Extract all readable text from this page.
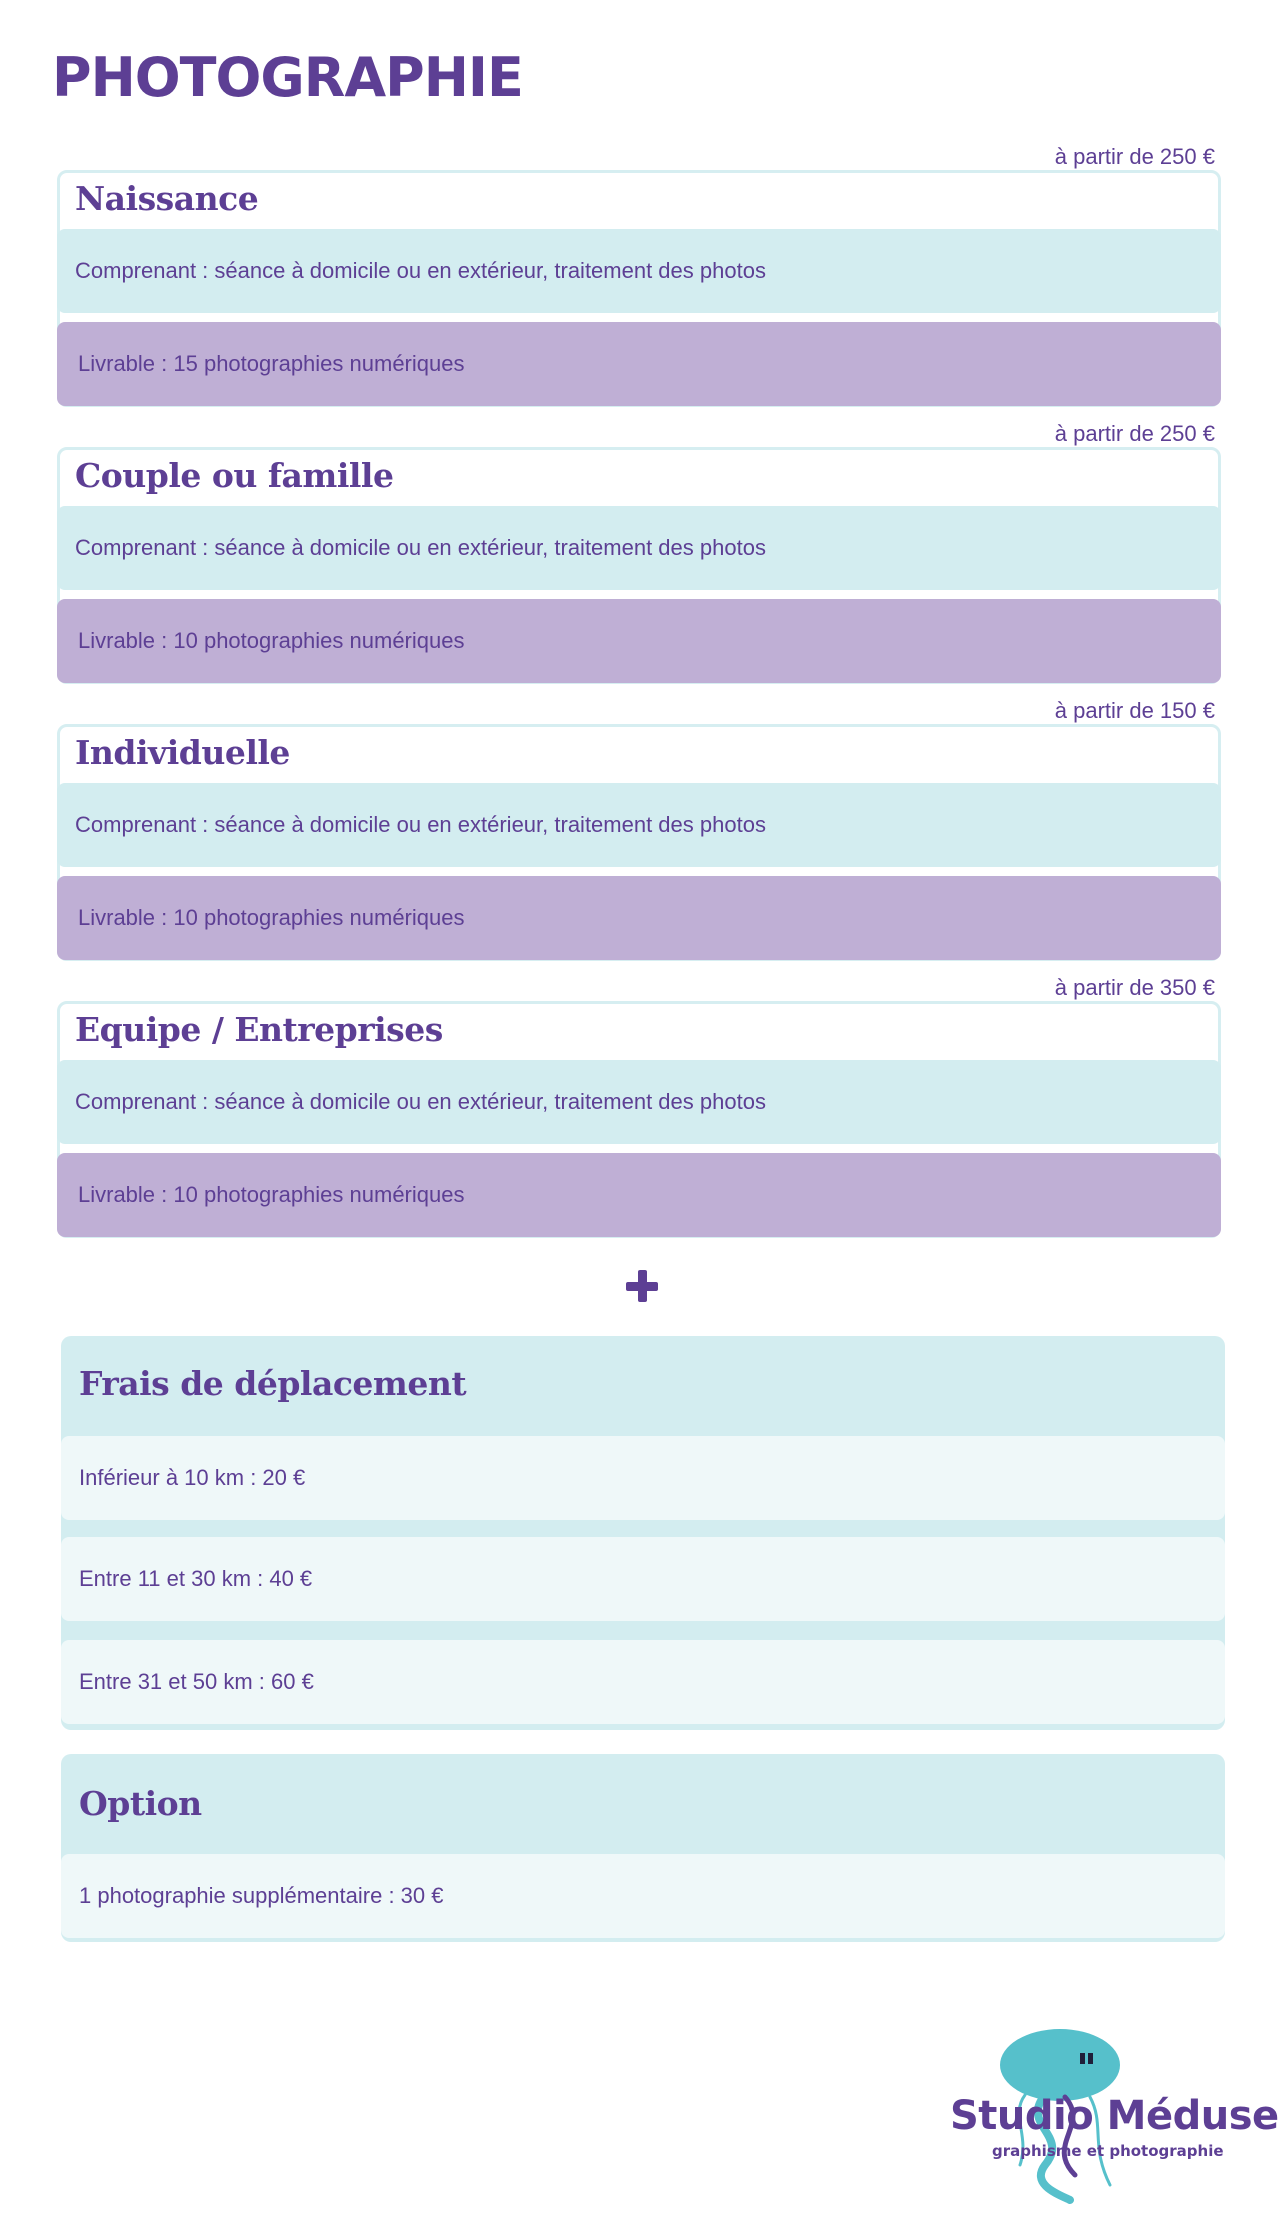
PHOTOGRAPHIE
à partir de 250 €
Naissance
Comprenant : séance à domicile ou en extérieur, traitement des photos
Livrable : 15 photographies numériques
à partir de 250 €
Couple ou famille
Comprenant : séance à domicile ou en extérieur, traitement des photos
Livrable : 10 photographies numériques
à partir de 150 €
Individuelle
Comprenant : séance à domicile ou en extérieur, traitement des photos
Livrable : 10 photographies numériques
à partir de 350 €
Equipe / Entreprises
Comprenant : séance à domicile ou en extérieur, traitement des photos
Livrable : 10 photographies numériques
Frais de déplacement
Inférieur à 10 km : 20 €
Entre 11 et 30 km : 40 €
Entre 31 et 50 km : 60 €
Option
1 photographie supplémentaire : 30 €
Studio Méduse
graphisme et photographie
